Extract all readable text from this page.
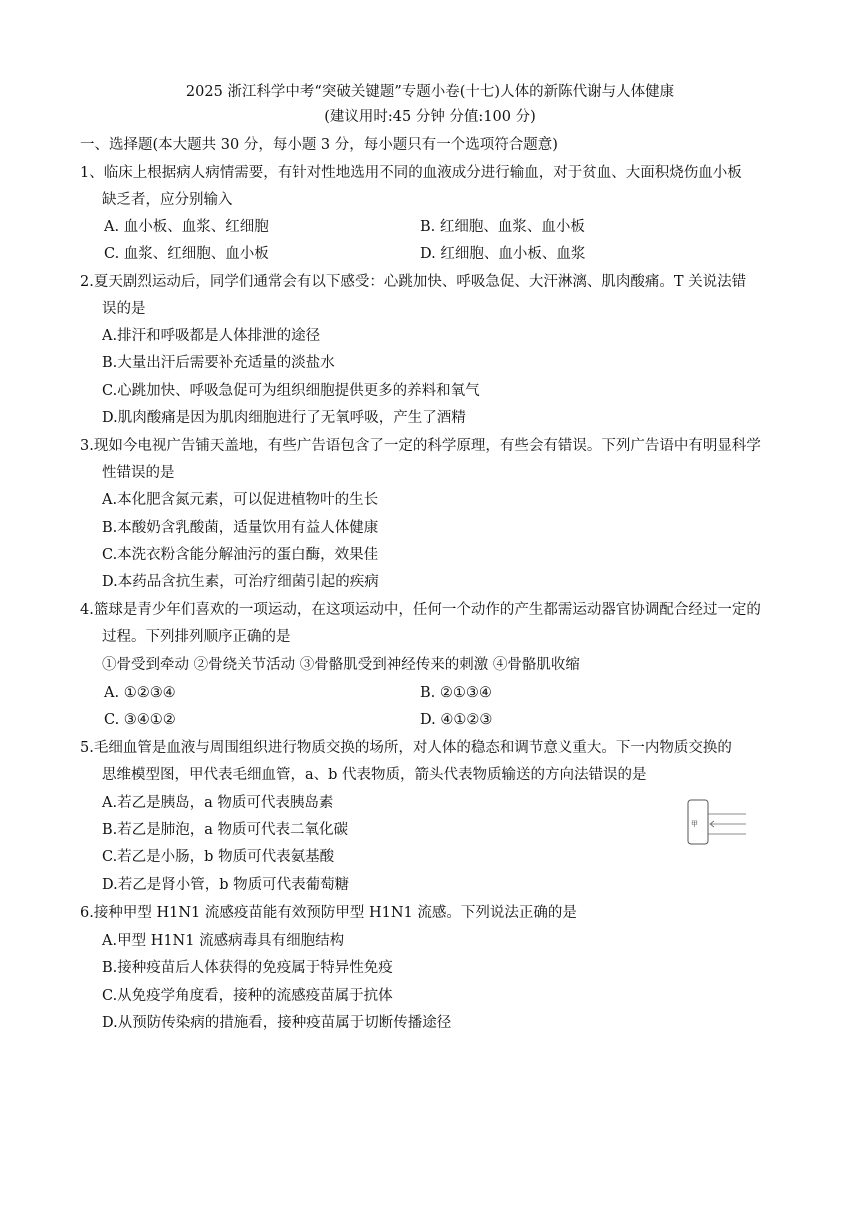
2025 浙江科学中考“突破关键题”专题小卷(十七)人体的新陈代谢与人体健康
(建议用时:45 分钟 分值:100 分)
一、选择题(本大题共 30 分，每小题 3 分，每小题只有一个选项符合题意)
1、临床上根据病人病情需要，有针对性地选用不同的血液成分进行输血，对于贫血、大面积烧伤血小板
缺乏者，应分别输入
A. 血小板、血浆、红细胞	B. 红细胞、血浆、血小板
C. 血浆、红细胞、血小板	D. 红细胞、血小板、血浆
2.夏天剧烈运动后，同学们通常会有以下感受：心跳加快、呼吸急促、大汗淋漓、肌肉酸痛。T 关说法错
误的是
A.排汗和呼吸都是人体排泄的途径
B.大量出汗后需要补充适量的淡盐水
C.心跳加快、呼吸急促可为组织细胞提供更多的养料和氧气
D.肌肉酸痛是因为肌肉细胞进行了无氧呼吸，产生了酒精
3.现如今电视广告铺天盖地，有些广告语包含了一定的科学原理，有些会有错误。下列广告语中有明显科学
性错误的是
A.本化肥含氮元素，可以促进植物叶的生长
B.本酸奶含乳酸菌，适量饮用有益人体健康
C.本洗衣粉含能分解油污的蛋白酶，效果佳
D.本药品含抗生素，可治疗细菌引起的疾病
4.篮球是青少年们喜欢的一项运动，在这项运动中，任何一个动作的产生都需运动器官协调配合经过一定的
过程。下列排列顺序正确的是
①骨受到牵动 ②骨绕关节活动 ③骨骼肌受到神经传来的刺激 ④骨骼肌收缩
A. ①②③④	B. ②①③④
C. ③④①②	D. ④①②③
5.毛细血管是血液与周围组织进行物质交换的场所，对人体的稳态和调节意义重大。下一内物质交换的
思维模型图，甲代表毛细血管，a、b 代表物质，箭头代表物质输送的方向法错误的是
A.若乙是胰岛，a 物质可代表胰岛素
B.若乙是肺泡，a 物质可代表二氧化碳
C.若乙是小肠，b 物质可代表氨基酸
D.若乙是肾小管，b 物质可代表葡萄糖
甲
6.接种甲型 H1N1 流感疫苗能有效预防甲型 H1N1 流感。下列说法正确的是
A.甲型 H1N1 流感病毒具有细胞结构
B.接种疫苗后人体获得的免疫属于特异性免疫
C.从免疫学角度看，接种的流感疫苗属于抗体
D.从预防传染病的措施看，接种疫苗属于切断传播途径
